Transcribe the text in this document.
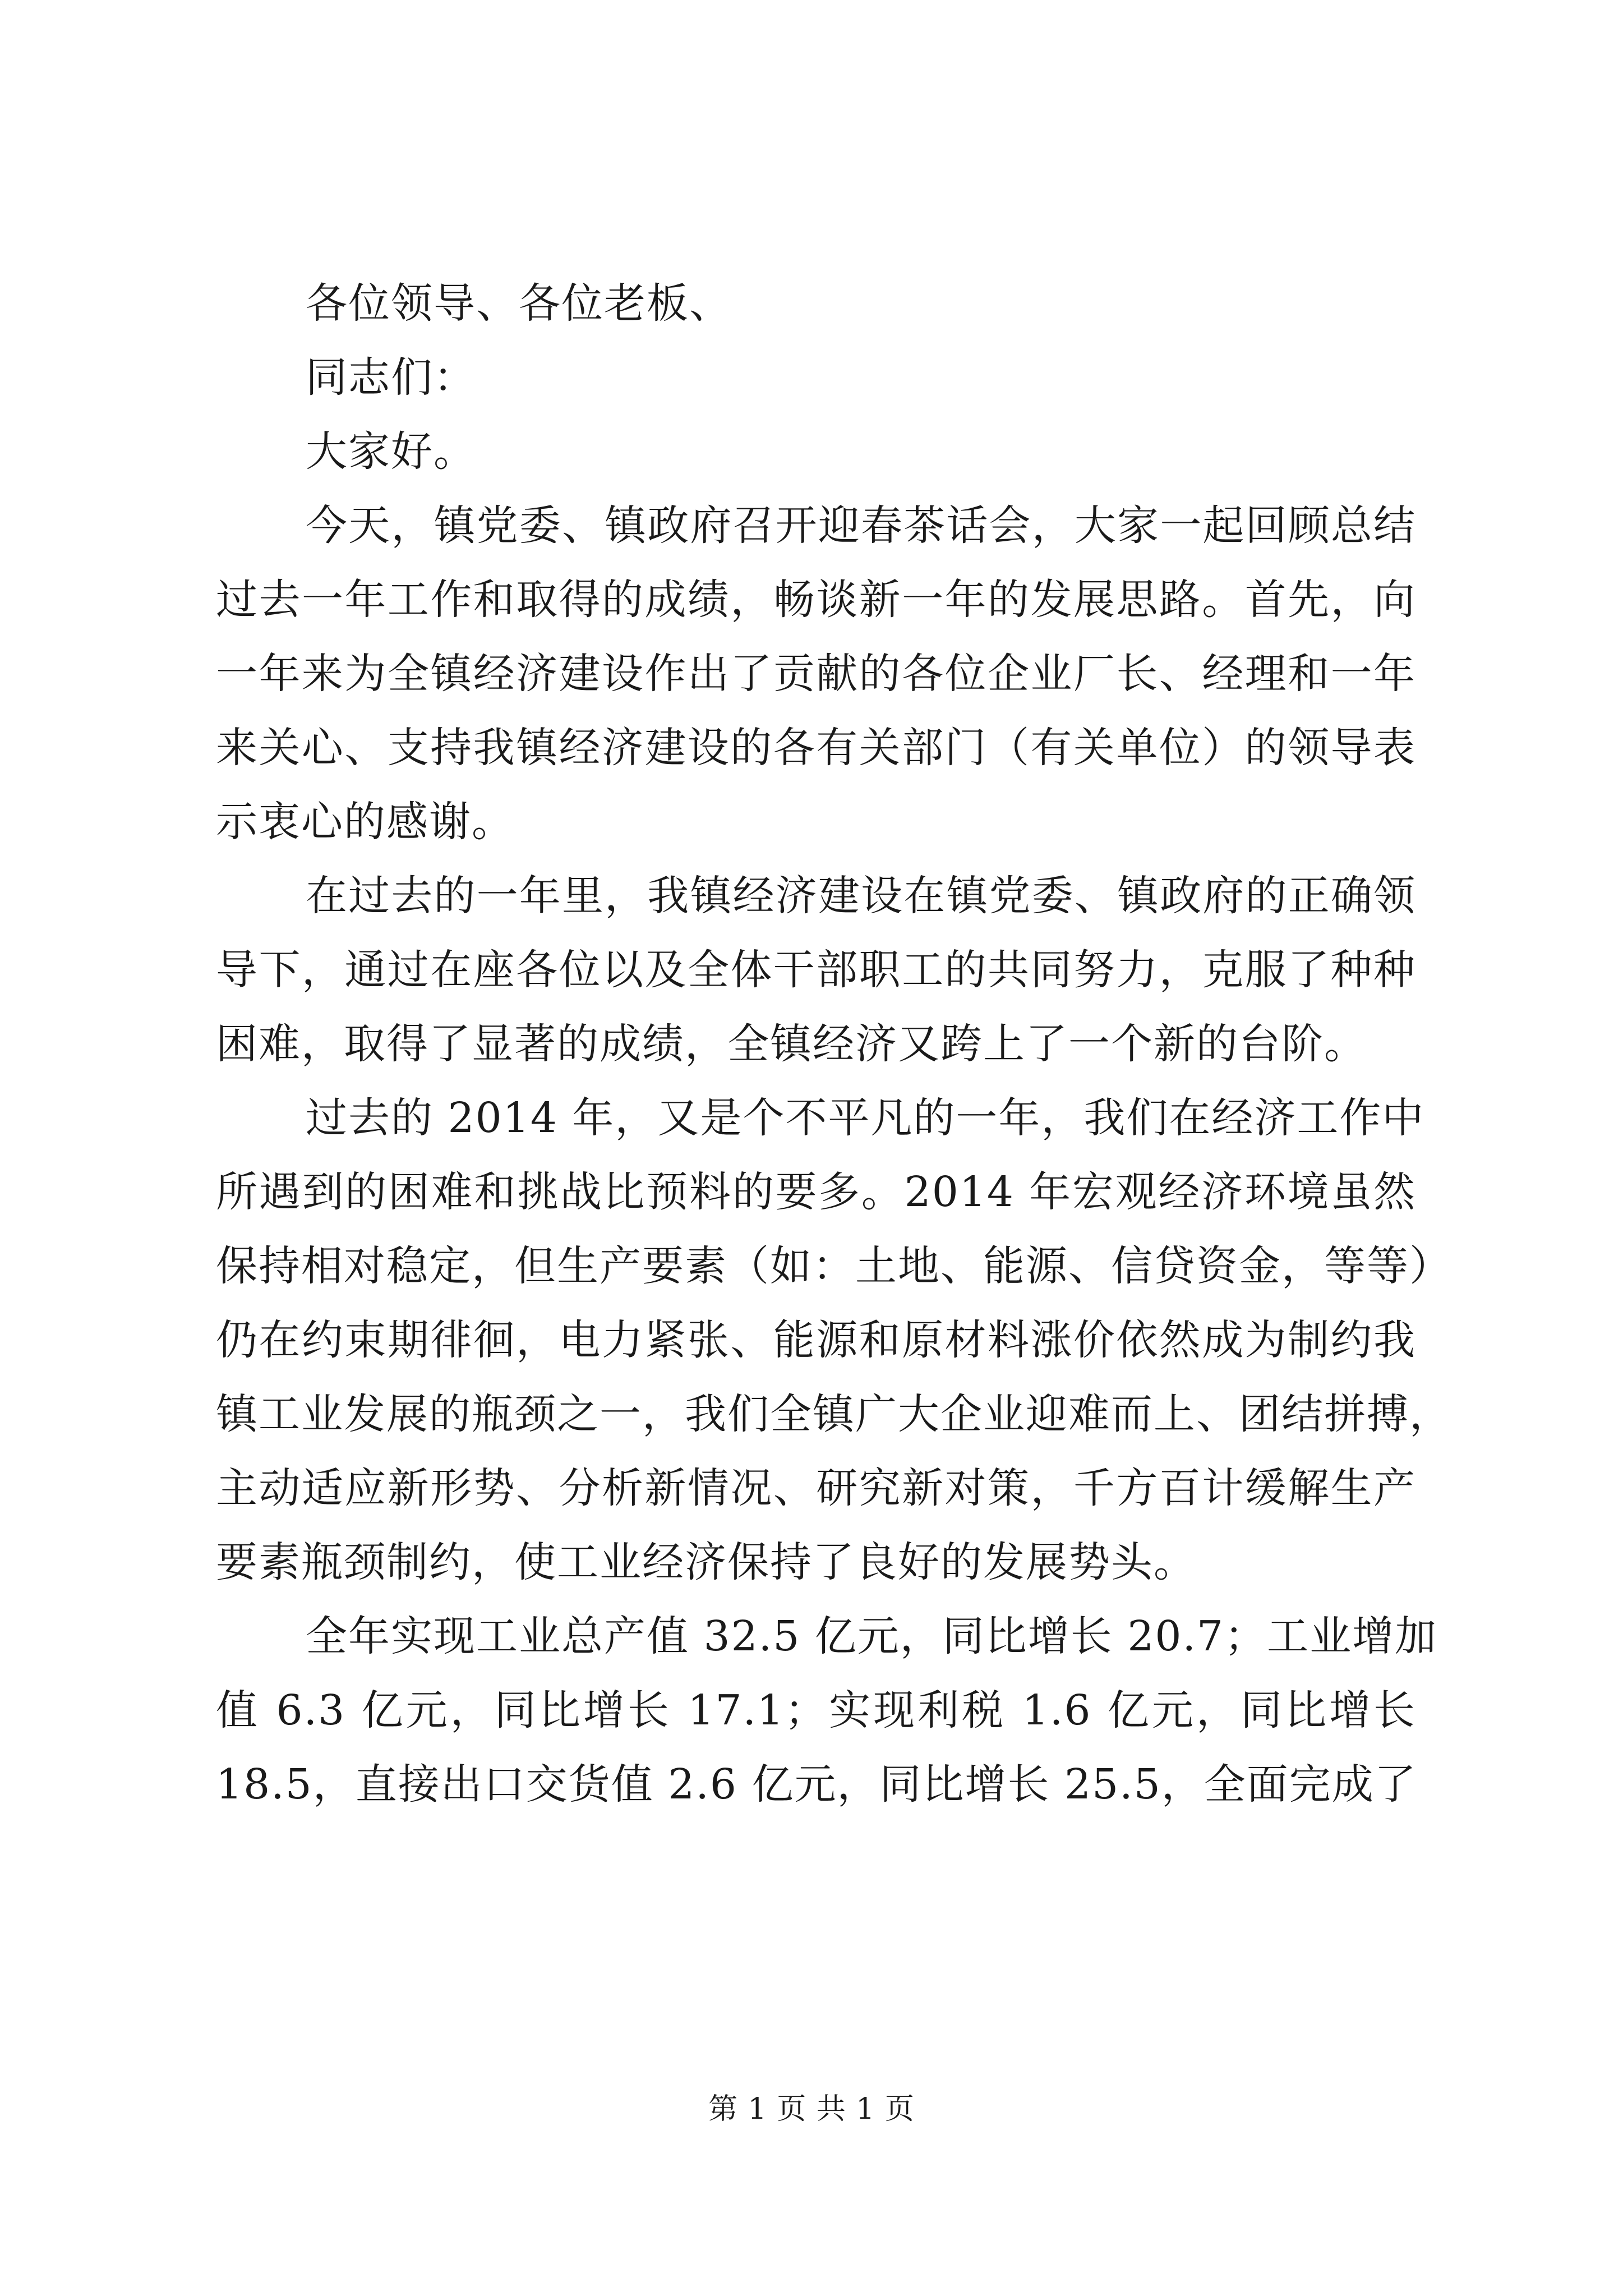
各位领导、各位老板、
同志们：
大家好。
今天，镇党委、镇政府召开迎春茶话会，大家一起回顾总结
过去一年工作和取得的成绩，畅谈新一年的发展思路。首先，向
一年来为全镇经济建设作出了贡献的各位企业厂长、经理和一年
来关心、支持我镇经济建设的各有关部门（有关单位）的领导表
示衷心的感谢。
在过去的一年里，我镇经济建设在镇党委、镇政府的正确领
导下，通过在座各位以及全体干部职工的共同努力，克服了种种
困难，取得了显著的成绩，全镇经济又跨上了一个新的台阶。
过去的 2014 年，又是个不平凡的一年，我们在经济工作中
所遇到的困难和挑战比预料的要多。2014 年宏观经济环境虽然
保持相对稳定，但生产要素（如：土地、能源、信贷资金，等等）
仍在约束期徘徊，电力紧张、能源和原材料涨价依然成为制约我
镇工业发展的瓶颈之一，我们全镇广大企业迎难而上、团结拼搏，
主动适应新形势、分析新情况、研究新对策，千方百计缓解生产
要素瓶颈制约，使工业经济保持了良好的发展势头。
全年实现工业总产值 32.5 亿元，同比增长 20.7；工业增加
值 6.3 亿元，同比增长 17.1；实现利税 1.6 亿元，同比增长
18.5，直接出口交货值 2.6 亿元，同比增长 25.5，全面完成了
第 1 页 共 1 页
